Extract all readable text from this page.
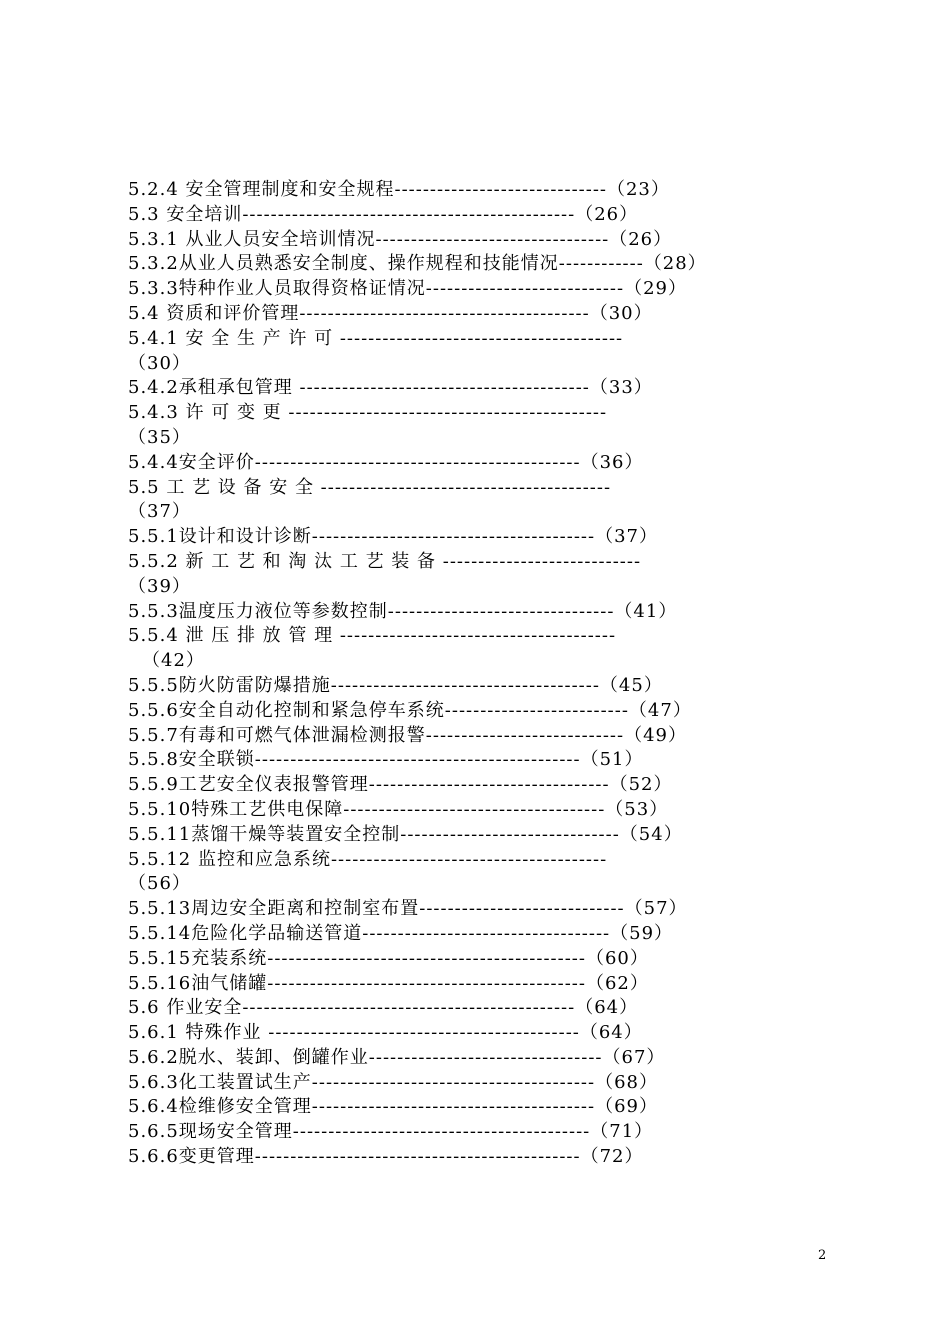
5.2.4 安全管理制度和安全规程------------------------------（23）
5.3 安全培训-----------------------------------------------（26）
5.3.1 从业人员安全培训情况---------------------------------（26）
5.3.2从业人员熟悉安全制度、操作规程和技能情况------------（28）
5.3.3特种作业人员取得资格证情况----------------------------（29）
5.4 资质和评价管理-----------------------------------------（30）
5.4.1 安 全 生 产 许 可 ----------------------------------------
（30）
5.4.2承租承包管理 -----------------------------------------（33）
5.4.3 许 可 变 更 ---------------------------------------------
（35）
5.4.4安全评价----------------------------------------------（36）
5.5 工 艺 设 备 安 全 -----------------------------------------
（37）
5.5.1设计和设计诊断----------------------------------------（37）
5.5.2 新 工 艺 和 淘 汰 工 艺 装 备 ----------------------------
（39）
5.5.3温度压力液位等参数控制--------------------------------（41）
5.5.4 泄 压 排 放 管 理 ---------------------------------------
（42）
5.5.5防火防雷防爆措施--------------------------------------（45）
5.5.6安全自动化控制和紧急停车系统--------------------------（47）
5.5.7有毒和可燃气体泄漏检测报警----------------------------（49）
5.5.8安全联锁----------------------------------------------（51）
5.5.9工艺安全仪表报警管理----------------------------------（52）
5.5.10特殊工艺供电保障-------------------------------------（53）
5.5.11蒸馏干燥等装置安全控制-------------------------------（54）
5.5.12 监控和应急系统---------------------------------------
（56）
5.5.13周边安全距离和控制室布置-----------------------------（57）
5.5.14危险化学品输送管道-----------------------------------（59）
5.5.15充装系统---------------------------------------------（60）
5.5.16油气储罐---------------------------------------------（62）
5.6 作业安全-----------------------------------------------（64）
5.6.1 特殊作业 --------------------------------------------（64）
5.6.2脱水、装卸、倒罐作业---------------------------------（67）
5.6.3化工装置试生产----------------------------------------（68）
5.6.4检维修安全管理----------------------------------------（69）
5.6.5现场安全管理------------------------------------------（71）
5.6.6变更管理----------------------------------------------（72）
2
